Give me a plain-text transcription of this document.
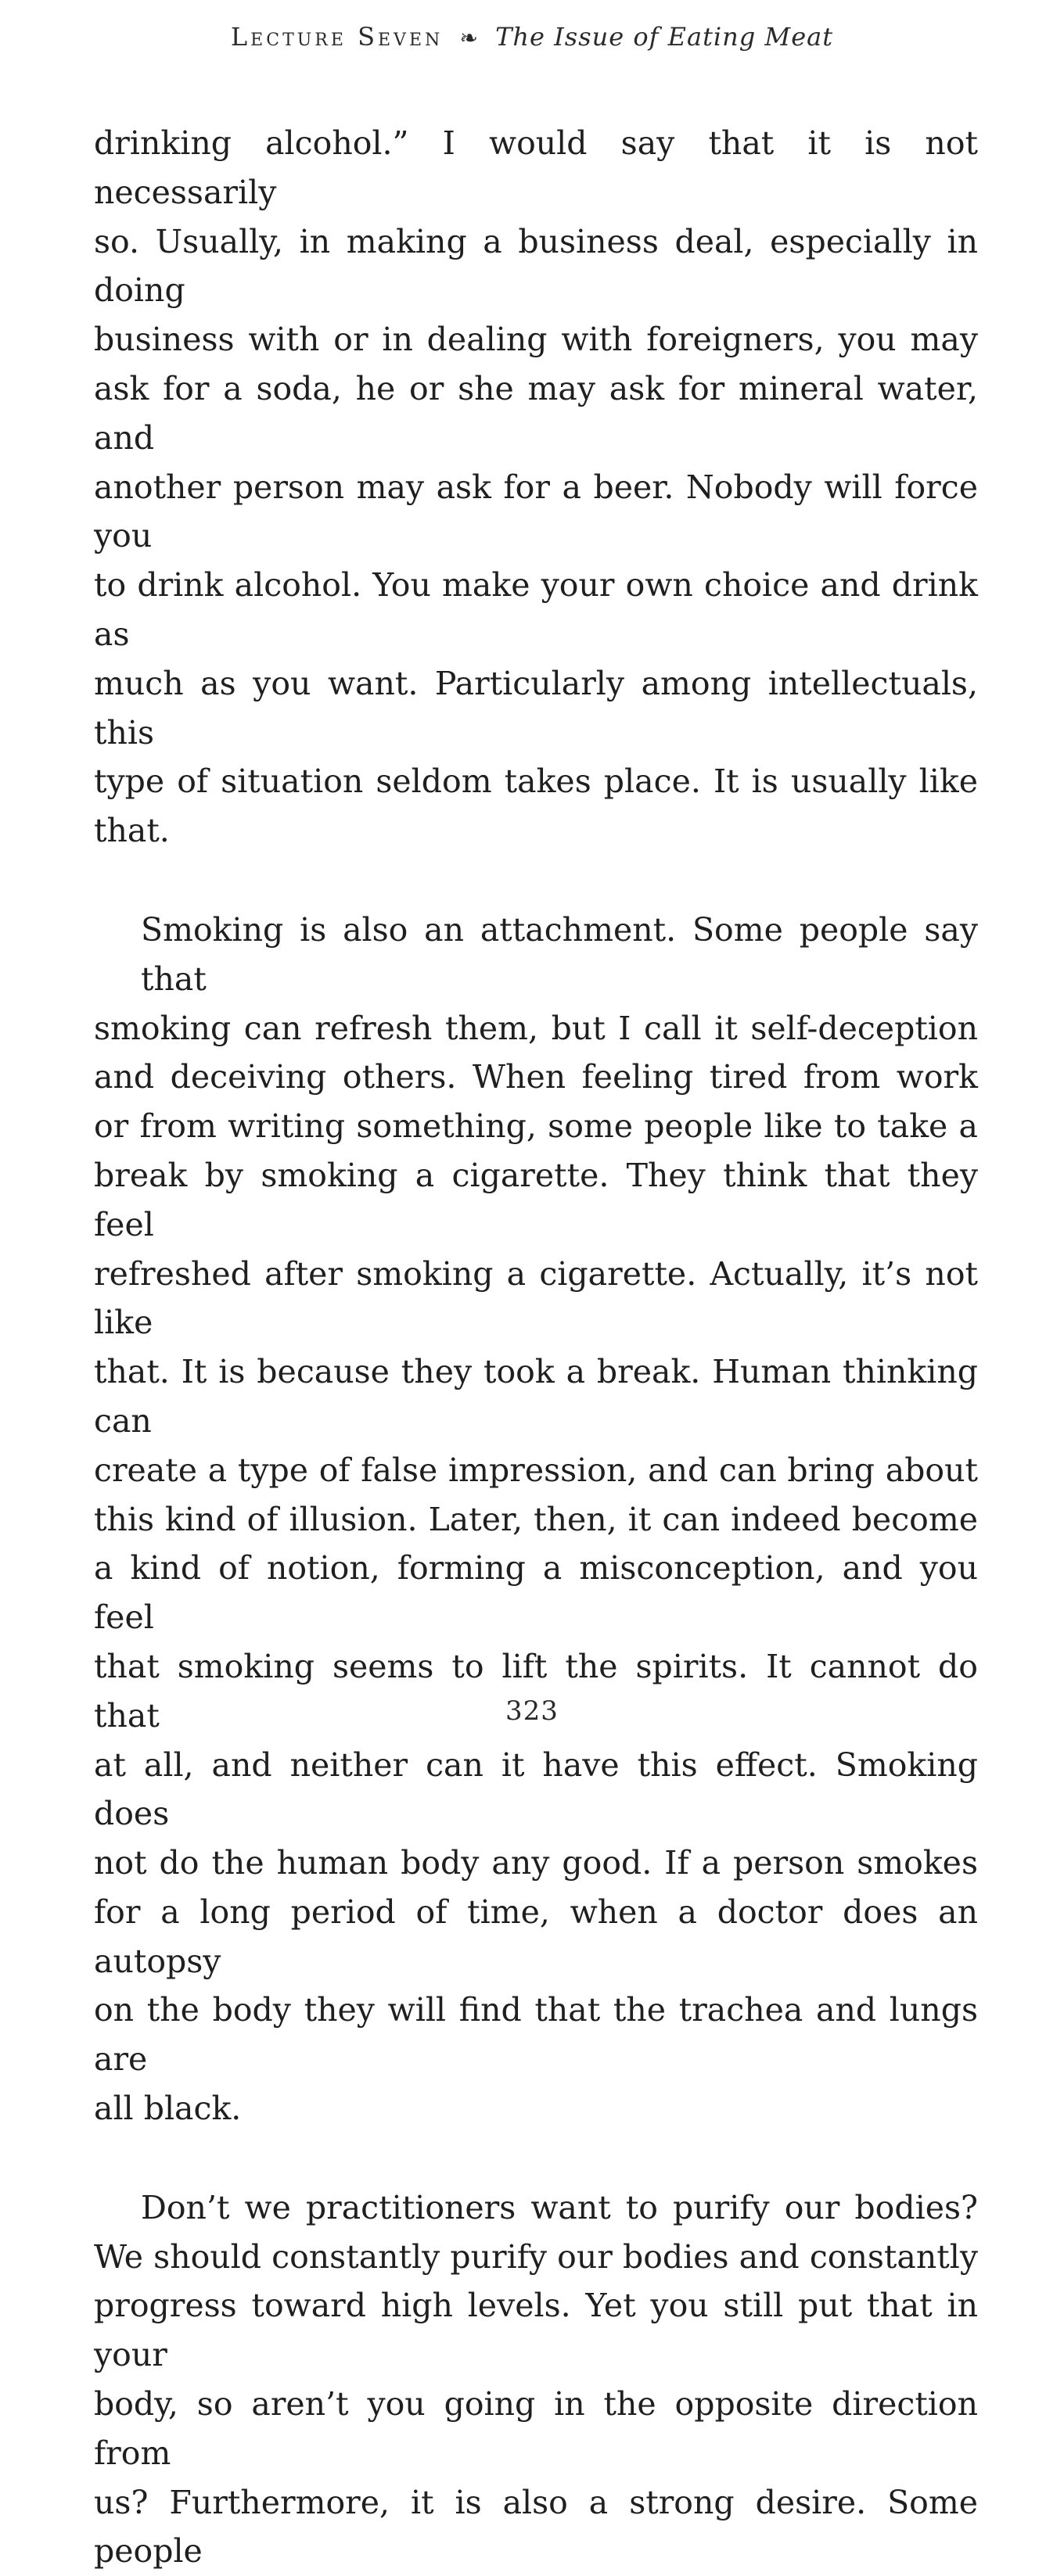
Lecture Seven ❧ The Issue of Eating Meat

drinking alcohol.” I would say that it is not necessarily
so. Usually, in making a business deal, especially in doing
business with or in dealing with foreigners, you may
ask for a soda, he or she may ask for mineral water, and
another person may ask for a beer. Nobody will force you
to drink alcohol. You make your own choice and drink as
much as you want. Particularly among intellectuals, this
type of situation seldom takes place. It is usually like that.

Smoking is also an attachment. Some people say that
smoking can refresh them, but I call it self-deception
and deceiving others. When feeling tired from work
or from writing something, some people like to take a
break by smoking a cigarette. They think that they feel
refreshed after smoking a cigarette. Actually, it’s not like
that. It is because they took a break. Human thinking can
create a type of false impression, and can bring about
this kind of illusion. Later, then, it can indeed become
a kind of notion, forming a misconception, and you feel
that smoking seems to lift the spirits. It cannot do that
at all, and neither can it have this effect. Smoking does
not do the human body any good. If a person smokes
for a long period of time, when a doctor does an autopsy
on the body they will find that the trachea and lungs are
all black.

Don’t we practitioners want to purify our bodies?
We should constantly purify our bodies and constantly
progress toward high levels. Yet you still put that in your
body, so aren’t you going in the opposite direction from
us? Furthermore, it is also a strong desire. Some people

323
